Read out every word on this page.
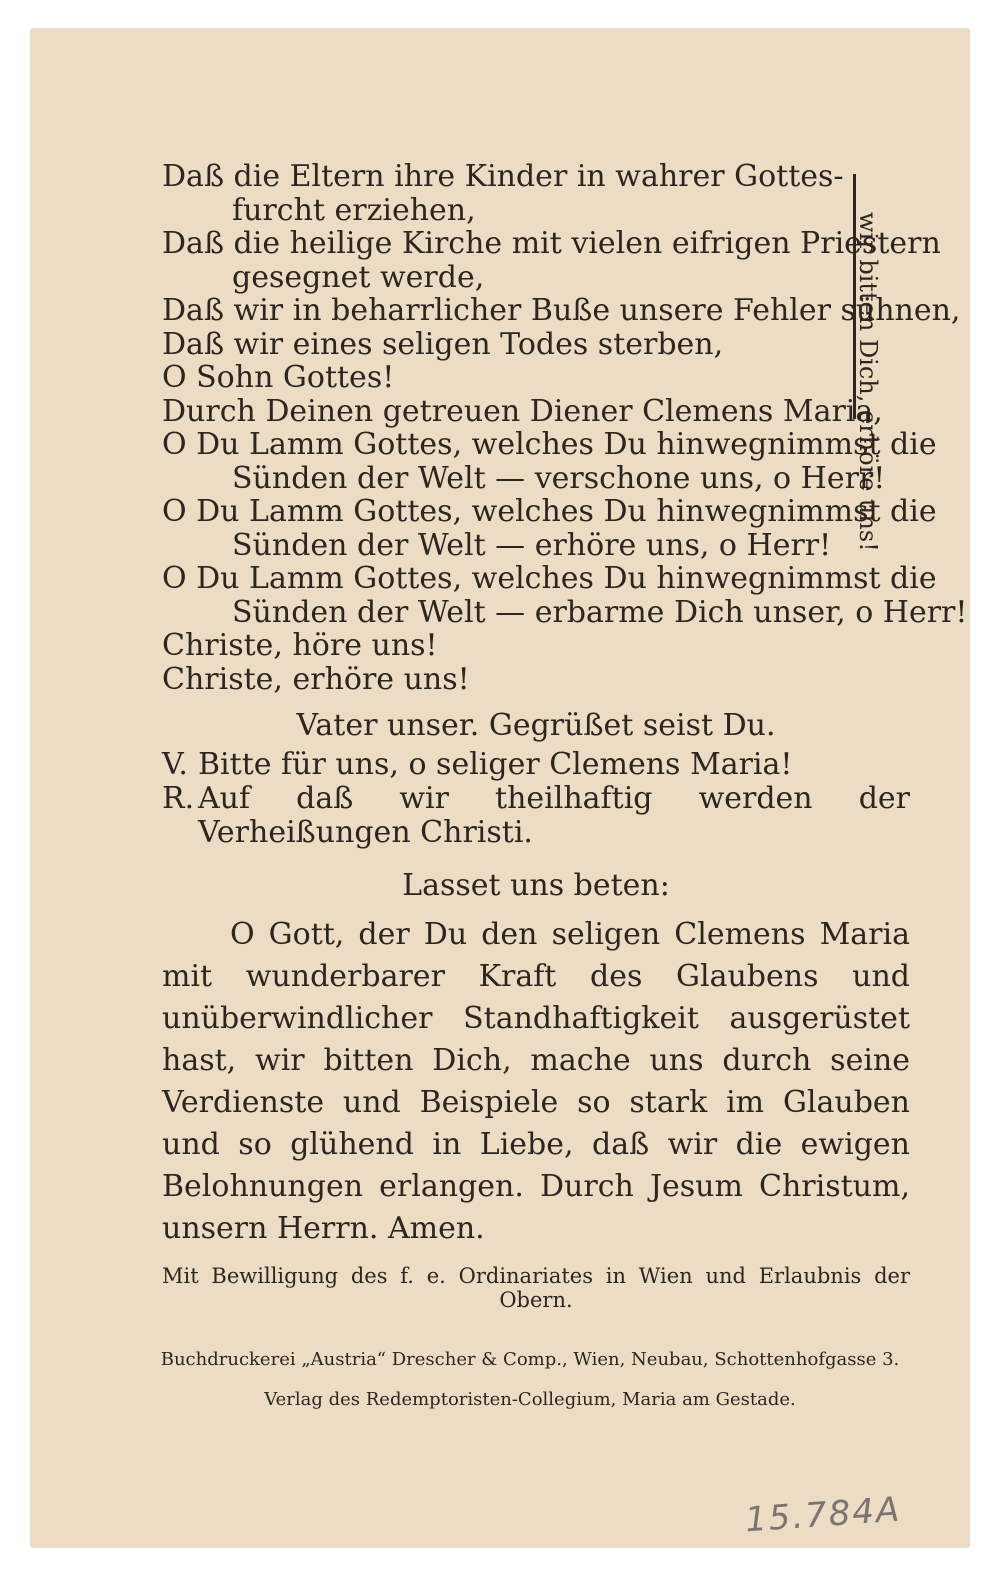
Daß die Eltern ihre Kinder in wahrer Gottes-

furcht erziehen,

Daß die heilige Kirche mit vielen eifrigen Priestern

gesegnet werde,

Daß wir in beharrlicher Buße unsere Fehler sühnen,

Daß wir eines seligen Todes sterben,

O Sohn Gottes!

Durch Deinen getreuen Diener Clemens Maria,

wir bitten Dich, erhöre uns!

O Du Lamm Gottes, welches Du hinwegnimmst die

Sünden der Welt — verschone uns, o Herr!

O Du Lamm Gottes, welches Du hinwegnimmst die

Sünden der Welt — erhöre uns, o Herr!

O Du Lamm Gottes, welches Du hinwegnimmst die

Sünden der Welt — erbarme Dich unser, o Herr!

Christe, höre uns!

Christe, erhöre uns!

Vater unser. Gegrüßet seist Du.

V. Bitte für uns, o seliger Clemens Maria!
R. Auf daß wir theilhaftig werden der Verheißungen Christi.

Lasset uns beten:

O Gott, der Du den seligen Clemens Maria mit wunderbarer Kraft des Glaubens und unüberwindlicher Standhaftigkeit ausgerüstet hast, wir bitten Dich, mache uns durch seine Verdienste und Beispiele so stark im Glauben und so glühend in Liebe, daß wir die ewigen Belohnungen erlangen. Durch Jesum Christum, unsern Herrn. Amen.

Mit Bewilligung des f. e. Ordinariates in Wien und Erlaubnis der Obern.

Buchdruckerei „Austria“ Drescher & Comp., Wien, Neubau, Schottenhofgasse 3.
Verlag des Redemptoristen-Collegium, Maria am Gestade.
15.784A
